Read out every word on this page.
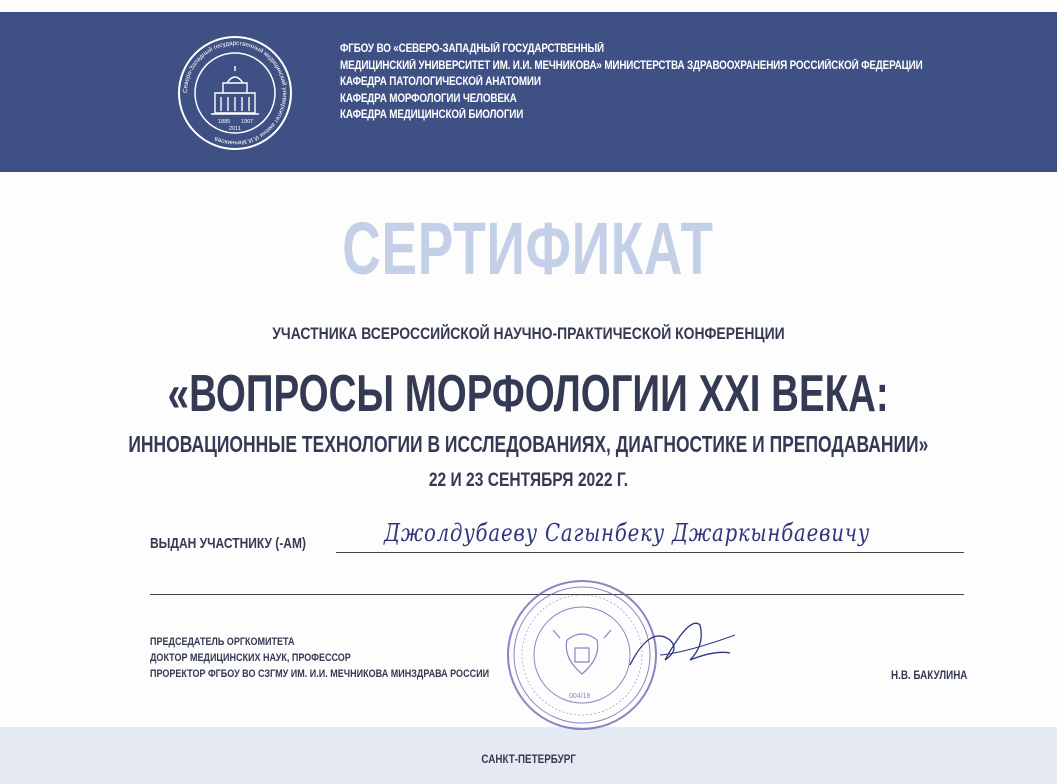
Северо-Западный государственный медицинский университет имени И.И.Мечникова
1885 1907
2011
ФГБОУ ВО «СЕВЕРО-ЗАПАДНЫЙ ГОСУДАРСТВЕННЫЙ
МЕДИЦИНСКИЙ УНИВЕРСИТЕТ ИМ. И.И. МЕЧНИКОВА» МИНИСТЕРСТВА ЗДРАВООХРАНЕНИЯ РОССИЙСКОЙ ФЕДЕРАЦИИ
КАФЕДРА ПАТОЛОГИЧЕСКОЙ АНАТОМИИ
КАФЕДРА МОРФОЛОГИИ ЧЕЛОВЕКА
КАФЕДРА МЕДИЦИНСКОЙ БИОЛОГИИ
СЕРТИФИКАТ
УЧАСТНИКА ВСЕРОССИЙСКОЙ НАУЧНО-ПРАКТИЧЕСКОЙ КОНФЕРЕНЦИИ
«ВОПРОСЫ МОРФОЛОГИИ XXI ВЕКА:
ИННОВАЦИОННЫЕ ТЕХНОЛОГИИ В ИССЛЕДОВАНИЯХ, ДИАГНОСТИКЕ И ПРЕПОДАВАНИИ»
22 И 23 СЕНТЯБРЯ 2022 Г.
ВЫДАН УЧАСТНИКУ (-АМ)	Джолдубаеву Сагынбеку Джаркынбаевичу
ПРЕДСЕДАТЕЛЬ ОРГКОМИТЕТА
ДОКТОР МЕДИЦИНСКИХ НАУК, ПРОФЕССОР
ПРОРЕКТОР ФГБОУ ВО СЗГМУ ИМ. И.И. МЕЧНИКОВА МИНЗДРАВА РОССИИ	Н.В. БАКУЛИНА
004/18
САНКТ-ПЕТЕРБУРГ
